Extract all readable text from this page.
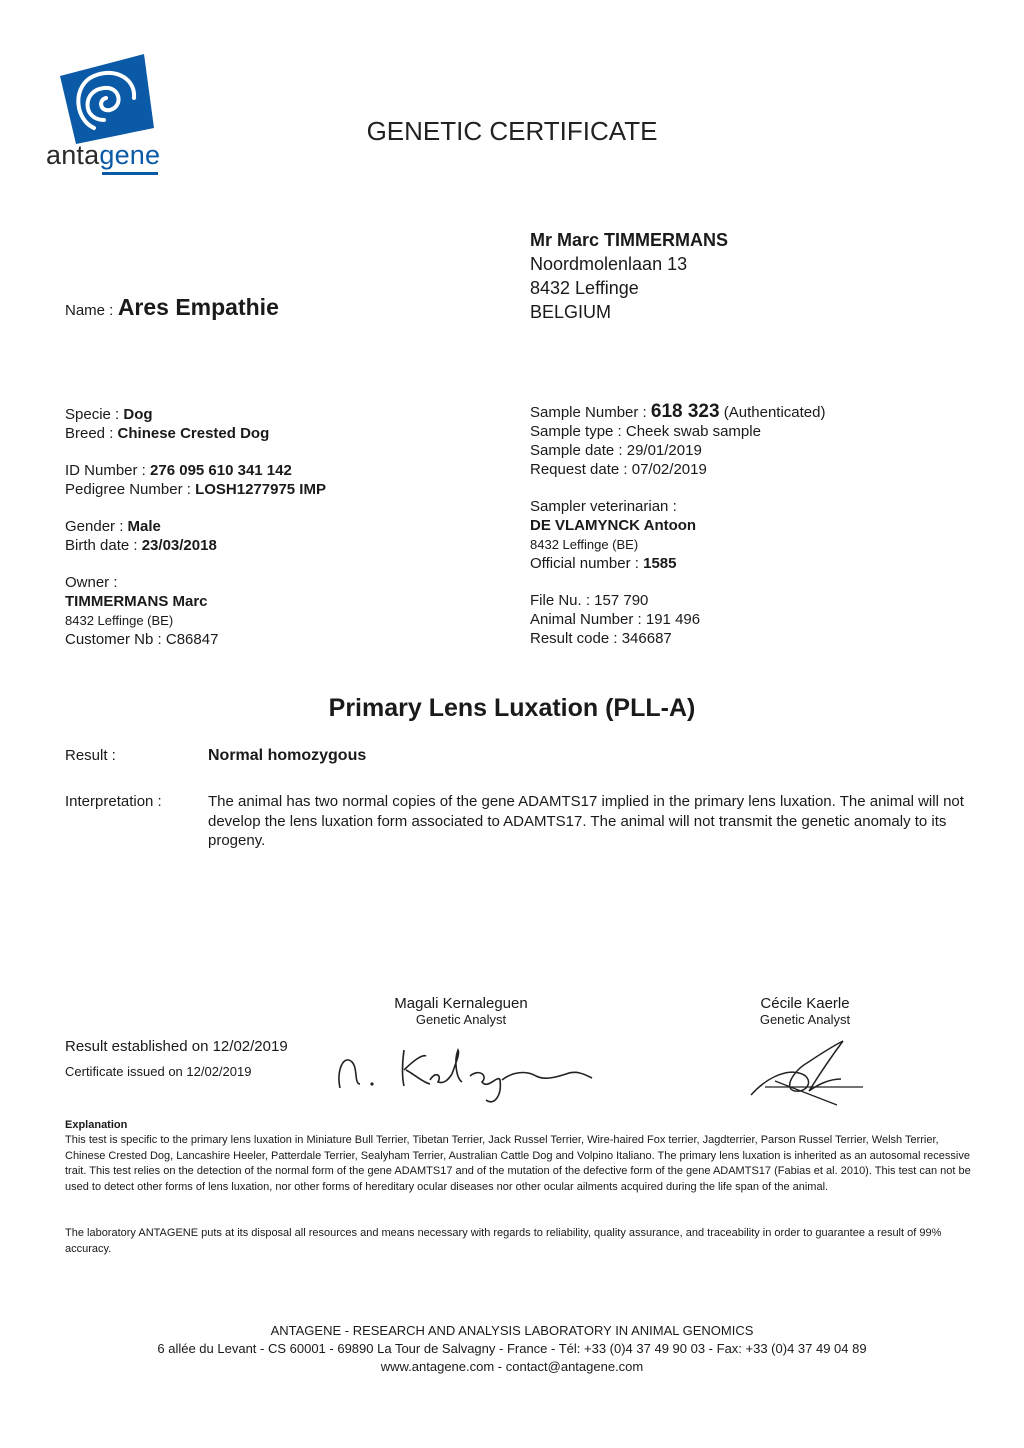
antagene
GENETIC CERTIFICATE
Mr Marc TIMMERMANS
Noordmolenlaan 13
8432 Leffinge
BELGIUM
Name : Ares Empathie
Specie : Dog
Breed : Chinese Crested Dog
ID Number : 276 095 610 341 142
Pedigree Number : LOSH1277975 IMP
Gender : Male
Birth date : 23/03/2018
Owner :
TIMMERMANS Marc
8432 Leffinge (BE)
Customer Nb : C86847
Sample Number : 618 323 (Authenticated)
Sample type : Cheek swab sample
Sample date : 29/01/2019
Request date : 07/02/2019
Sampler veterinarian :
DE VLAMYNCK Antoon
8432 Leffinge (BE)
Official number : 1585
File Nu. : 157 790
Animal Number : 191 496
Result code : 346687
Primary Lens Luxation (PLL-A)
Result :	Normal homozygous
Interpretation :	The animal has two normal copies of the gene ADAMTS17 implied in the primary lens luxation. The animal will not develop the lens luxation form associated to ADAMTS17. The animal will not transmit the genetic anomaly to its progeny.
Magali Kernaleguen
Genetic Analyst
Cécile Kaerle
Genetic Analyst
Result established on 12/02/2019
Certificate issued on 12/02/2019
Explanation
This test is specific to the primary lens luxation in Miniature Bull Terrier, Tibetan Terrier, Jack Russel Terrier, Wire-haired Fox terrier, Jagdterrier, Parson Russel Terrier, Welsh Terrier, Chinese Crested Dog, Lancashire Heeler, Patterdale Terrier, Sealyham Terrier, Australian Cattle Dog and Volpino Italiano. The primary lens luxation is inherited as an autosomal recessive trait. This test relies on the detection of the normal form of the gene ADAMTS17 and of the mutation of the defective form of the gene ADAMTS17 (Fabias et al. 2010). This test can not be used to detect other forms of lens luxation, nor other forms of hereditary ocular diseases nor other ocular ailments acquired during the life span of the animal.
The laboratory ANTAGENE puts at its disposal all resources and means necessary with regards to reliability, quality assurance, and traceability in order to guarantee a result of 99% accuracy.
ANTAGENE - RESEARCH AND ANALYSIS LABORATORY IN ANIMAL GENOMICS
6 allée du Levant - CS 60001 - 69890 La Tour de Salvagny - France - Tél: +33 (0)4 37 49 90 03 - Fax: +33 (0)4 37 49 04 89
www.antagene.com - contact@antagene.com
